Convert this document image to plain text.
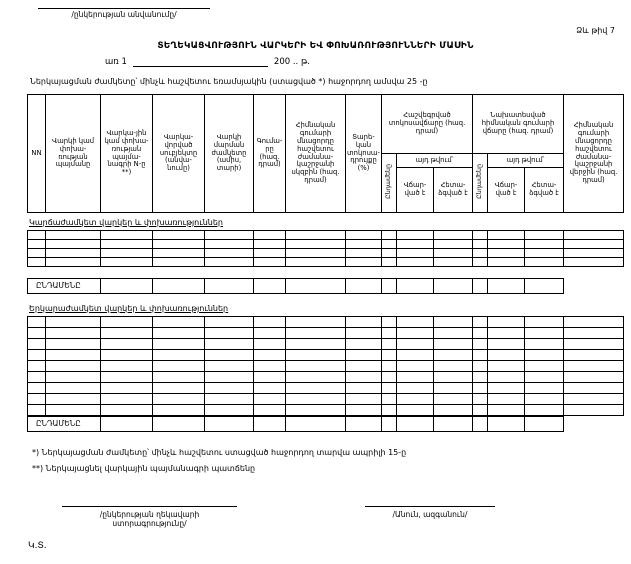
/ընկերության անվանումը/
Ձև թիվ 7
ՏԵՂԵԿԱՑՎՈՒԹՅՈՒՆ ՎԱՐԿԵՐԻ ԵՎ ՓՈԽԱՌՈՒԹՅՈՒՆՆԵՐԻ ՄԱՍԻՆ
առ 1	200 .. թ.
Ներկայացման ժամկետը՝ մինչև հաշվետու եռամսյակին (ստացված *) հաջորդող ամսվա 25 -ը
NN	Վարկի կամ փոխա-ռության պայմանը	Վարկա-յին կամ փոխա-ռության պայմա-նագրի N-ը **)	Վարկա-վորված սուբյեկտը (անվա-նումը)	Վարկի մարման ժամկետը (ամիս, տարի)	Գումա-րը (հազ. դրամ)	Հիմնական գումարի մնացորդը հաշվետու ժամանա-կաշրջանի սկզբին (հազ. դրամ)	Տարե-կան տոկոսա-դրույքը (%)	Հաշվեգրված տոկոսավճարը (հազ. դրամ)			Նախատեսված հիմնական գումարի վճարը (հազ. դրամ)			Հիմնական գումարի մնացորդը հաշվետու ժամանա-կաշրջանի վերջին (հազ. դրամ)
								Ընդամենը	այդ թվում՝		Ընդամենը	այդ թվում՝		
									Վճար-ված է	Հետա-ձգված է		Վճար-ված է	Հետա-ձգված է	
Կարճաժամկետ վարկեր և փոխառություններ

ԸՆԴԱՄԵՆԸ												
Երկարաժամկետ վարկեր և փոխառություններ

ԸՆԴԱՄԵՆԸ												
*) Ներկայացման ժամկետը՝ մինչև հաշվետու ստացված հաջորդող տարվա ապրիլի 15-ը
**) Ներկայացնել վարկային պայմանագրի պատճենը
/ընկերության ղեկավարի ստորագրությունը/
/Անուն, ազգանուն/
Կ.Տ.
